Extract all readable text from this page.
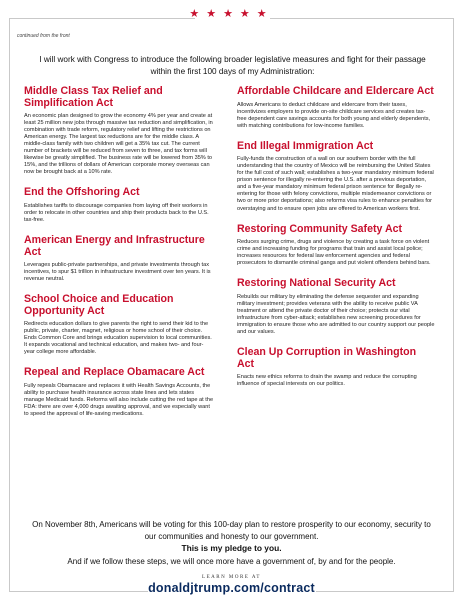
★★★★★
continued from the front
I will work with Congress to introduce the following broader legislative measures and fight for their passage within the first 100 days of my Administration:
Middle Class Tax Relief and Simplification Act

An economic plan designed to grow the economy 4% per year and create at least 25 million new jobs through massive tax reduction and simplification, in combination with trade reform, regulatory relief and lifting the restrictions on American energy. The largest tax reductions are for the middle class. A middle-class family with two children will get a 35% tax cut. The current number of brackets will be reduced from seven to three, and tax forms will likewise be greatly simplified. The business rate will be lowered from 35% to 15%, and the trillions of dollars of American corporate money overseas can now be brought back at a 10% rate.

End the Offshoring Act

Establishes tariffs to discourage companies from laying off their workers in order to relocate in other countries and ship their products back to the U.S. tax-free.

American Energy and Infrastructure Act

Leverages public-private partnerships, and private investments through tax incentives, to spur $1 trillion in infrastructure investment over ten years. It is revenue neutral.

School Choice and Education Opportunity Act

Redirects education dollars to give parents the right to send their kid to the public, private, charter, magnet, religious or home school of their choice. Ends Common Core and brings education supervision to local communities. It expands vocational and technical education, and makes two- and four-year college more affordable.

Repeal and Replace Obamacare Act

Fully repeals Obamacare and replaces it with Health Savings Accounts, the ability to purchase health insurance across state lines and lets states manage Medicaid funds. Reforms will also include cutting the red tape at the FDA: there are over 4,000 drugs awaiting approval, and we especially want to speed the approval of life-saving medications.

Affordable Childcare and Eldercare Act

Allows Americans to deduct childcare and eldercare from their taxes, incentivizes employers to provide on-site childcare services and creates tax-free dependent care savings accounts for both young and elderly dependents, with matching contributions for low-income families.

End Illegal Immigration Act

Fully-funds the construction of a wall on our southern border with the full understanding that the country of Mexico will be reimbursing the United States for the full cost of such wall; establishes a two-year mandatory minimum federal prison sentence for illegally re-entering the U.S. after a previous deportation, and a five-year mandatory minimum federal prison sentence for illegally re-entering for those with felony convictions, multiple misdemeanor convictions or two or more prior deportations; also reforms visa rules to enhance penalties for overstaying and to ensure open jobs are offered to American workers first.

Restoring Community Safety Act

Reduces surging crime, drugs and violence by creating a task force on violent crime and increasing funding for programs that train and assist local police; increases resources for federal law enforcement agencies and federal prosecutors to dismantle criminal gangs and put violent offenders behind bars.

Restoring National Security Act

Rebuilds our military by eliminating the defense sequester and expanding military investment; provides veterans with the ability to receive public VA treatment or attend the private doctor of their choice; protects our vital infrastructure from cyber-attack; establishes new screening procedures for immigration to ensure those who are admitted to our country support our people and our values.

Clean Up Corruption in Washington Act

Enacts new ethics reforms to drain the swamp and reduce the corrupting influence of special interests on our politics.

On November 8th, Americans will be voting for this 100-day plan to restore prosperity to our economy, security to our communities and honesty to our government.
This is my pledge to you.
And if we follow these steps, we will once more have a government of, by and for the people.
LEARN MORE AT
donaldjtrump.com/contract
